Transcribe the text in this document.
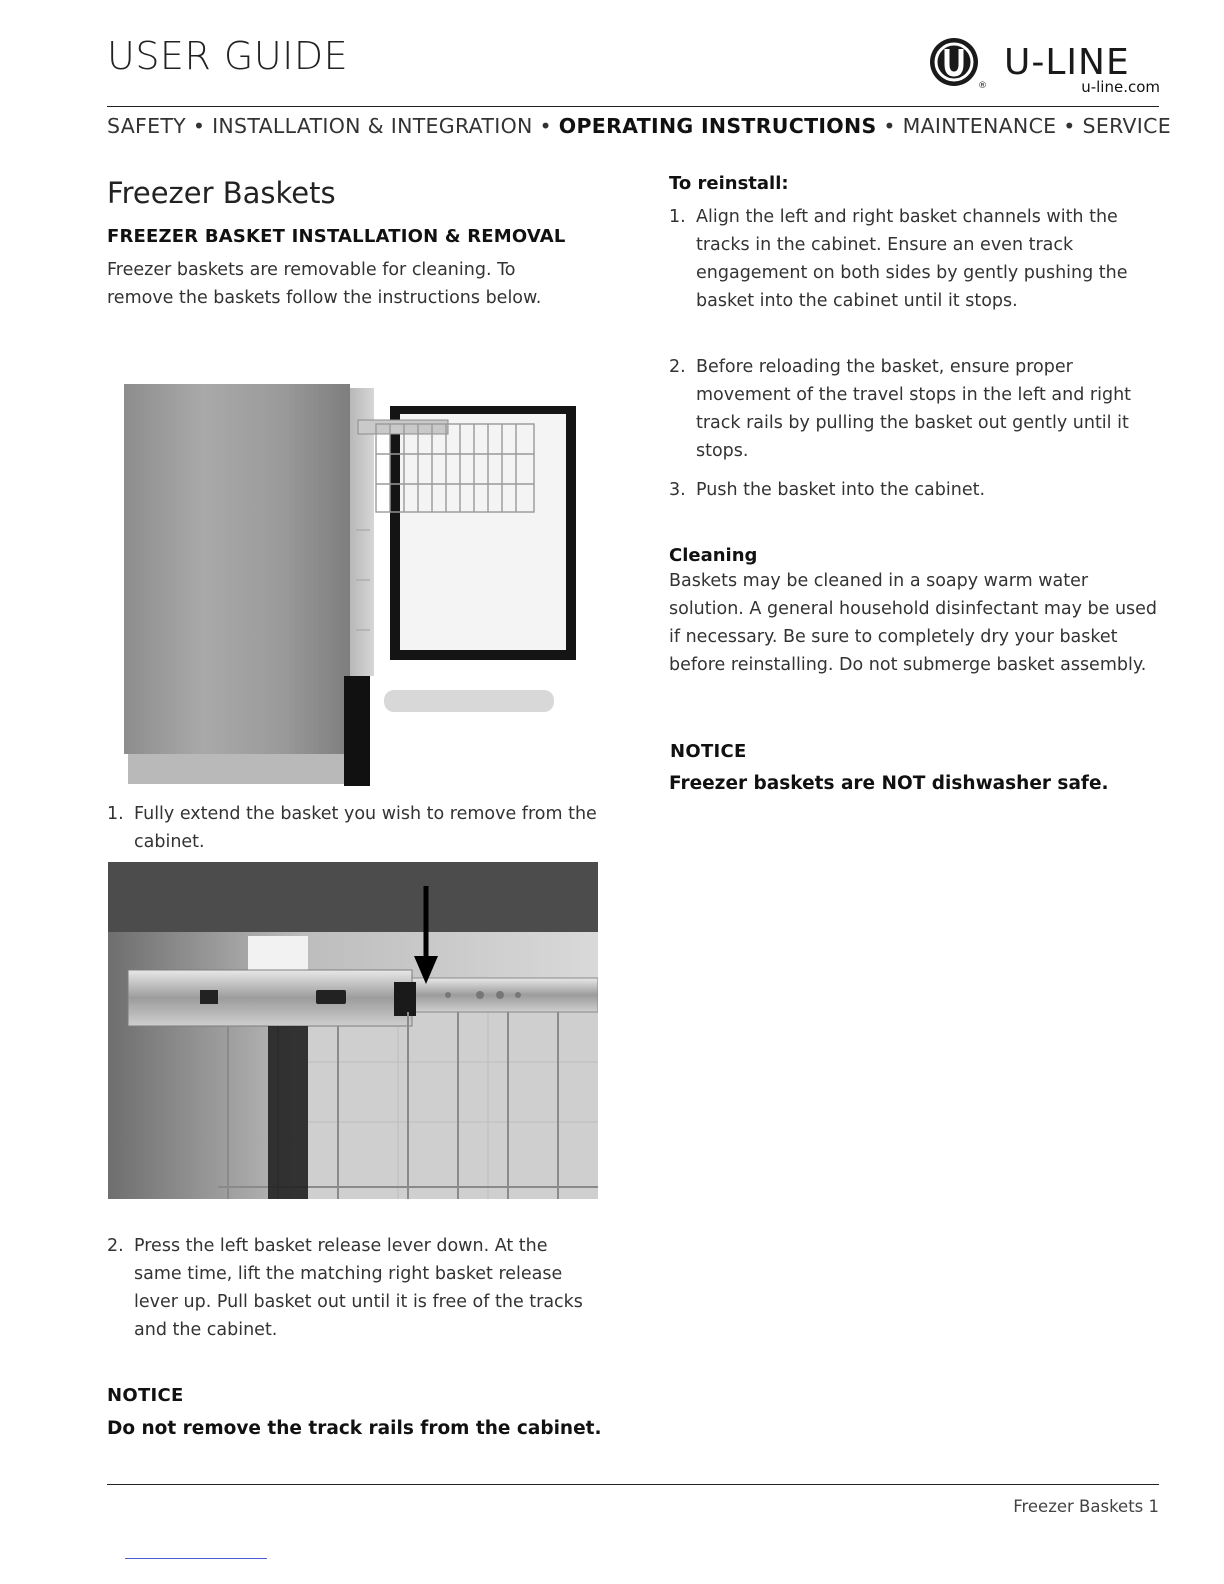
USER GUIDE
®
U-LINE
u-line.com
SAFETY • INSTALLATION & INTEGRATION • OPERATING INSTRUCTIONS • MAINTENANCE • SERVICE
Freezer Baskets
FREEZER BASKET INSTALLATION & REMOVAL
Freezer baskets are removable for cleaning. To remove the baskets follow the instructions below.
1. Fully extend the basket you wish to remove from the cabinet.
2. Press the left basket release lever down. At the same time, lift the matching right basket release lever up. Pull basket out until it is free of the tracks and the cabinet.
NOTICE
Do not remove the track rails from the cabinet.
To reinstall:
1. Align the left and right basket channels with the tracks in the cabinet. Ensure an even track engagement on both sides by gently pushing the basket into the cabinet until it stops.
2. Before reloading the basket, ensure proper movement of the travel stops in the left and right track rails by pulling the basket out gently until it stops.
3. Push the basket into the cabinet.
Cleaning
Baskets may be cleaned in a soapy warm water solution. A general household disinfectant may be used if necessary. Be sure to completely dry your basket before reinstalling. Do not submerge basket assembly.
NOTICE
Freezer baskets are NOT dishwasher safe.
Freezer Baskets 1
